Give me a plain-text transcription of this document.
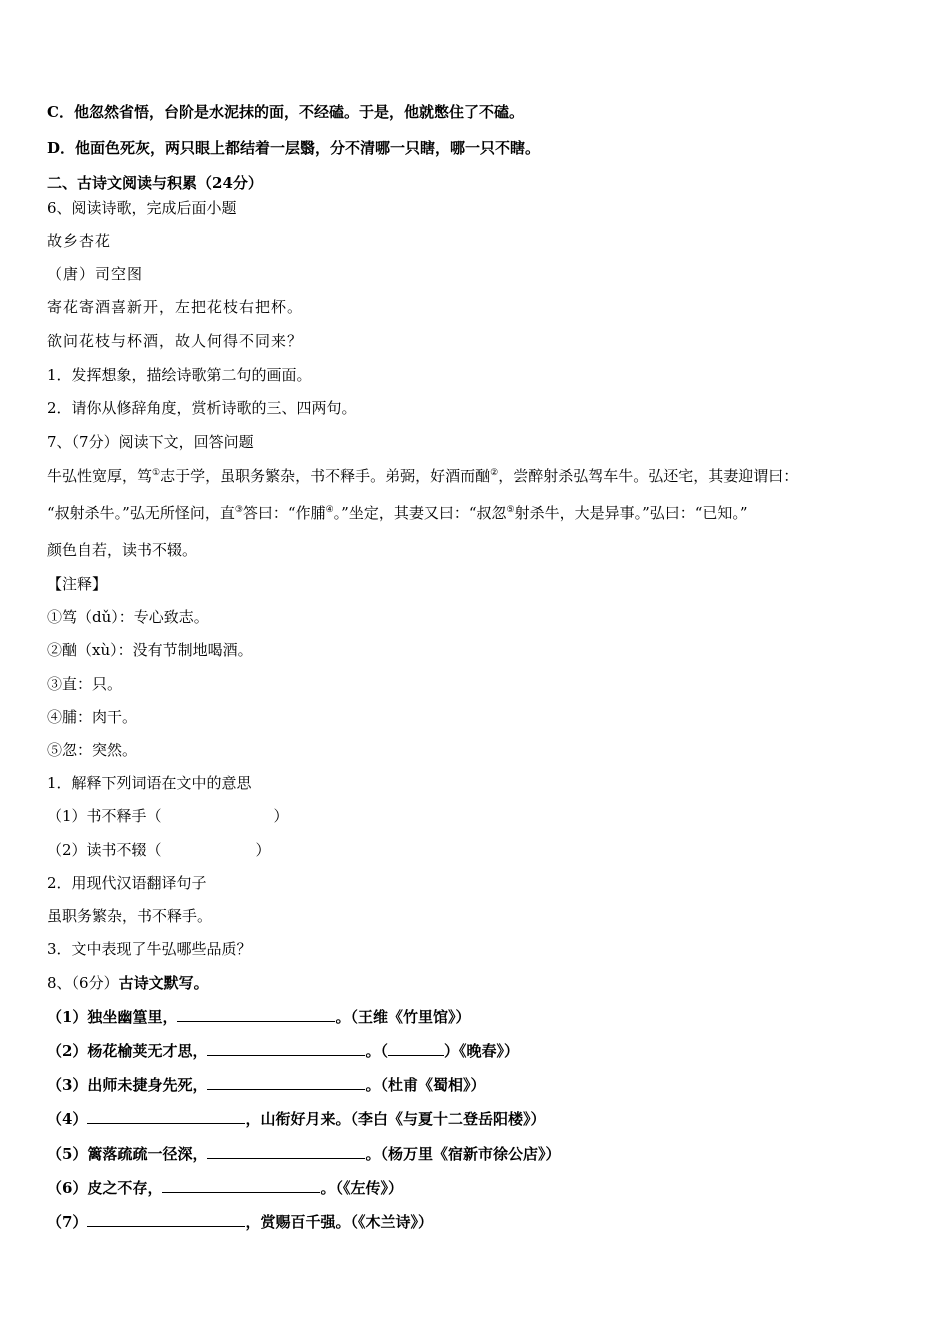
C．他忽然省悟，台阶是水泥抹的面，不经磕。于是，他就憋住了不磕。
D．他面色死灰，两只眼上都结着一层翳，分不清哪一只瞎，哪一只不瞎。
二、古诗文阅读与积累（24分）
6、阅读诗歌，完成后面小题
故乡杏花
（唐）司空图
寄花寄酒喜新开，左把花枝右把杯。
欲问花枝与杯酒，故人何得不同来？
1．发挥想象，描绘诗歌第二句的画面。
2．请你从修辞角度，赏析诗歌的三、四两句。
7、（7分）阅读下文，回答问题
牛弘性宽厚，笃①志于学，虽职务繁杂，书不释手。弟弼，好酒而酗②，尝醉射杀弘驾车牛。弘还宅，其妻迎谓曰：
“叔射杀牛。”弘无所怪问，直③答曰：“作脯④。”坐定，其妻又曰：“叔忽⑤射杀牛，大是异事。”弘曰：“已知。”
颜色自若，读书不辍。
【注释】
①笃（dǔ）：专心致志。
②酗（xù）：没有节制地喝酒。
③直：只。
④脯：肉干。
⑤忽：突然。
1．解释下列词语在文中的意思
（1）书不释手（	）
（2）读书不辍（	）
2．用现代汉语翻译句子
虽职务繁杂，书不释手。
3．文中表现了牛弘哪些品质？
8、（6分）古诗文默写。
（1）独坐幽篁里，	。（王维《竹里馆》）
（2）杨花榆荚无才思，	。（	）《晚春》）
（3）出师未捷身先死，	。（杜甫《蜀相》）
（4）	，山衔好月来。（李白《与夏十二登岳阳楼》）
（5）篱落疏疏一径深，	。（杨万里《宿新市徐公店》）
（6）皮之不存，	。（《左传》）
（7）	，赏赐百千强。（《木兰诗》）
